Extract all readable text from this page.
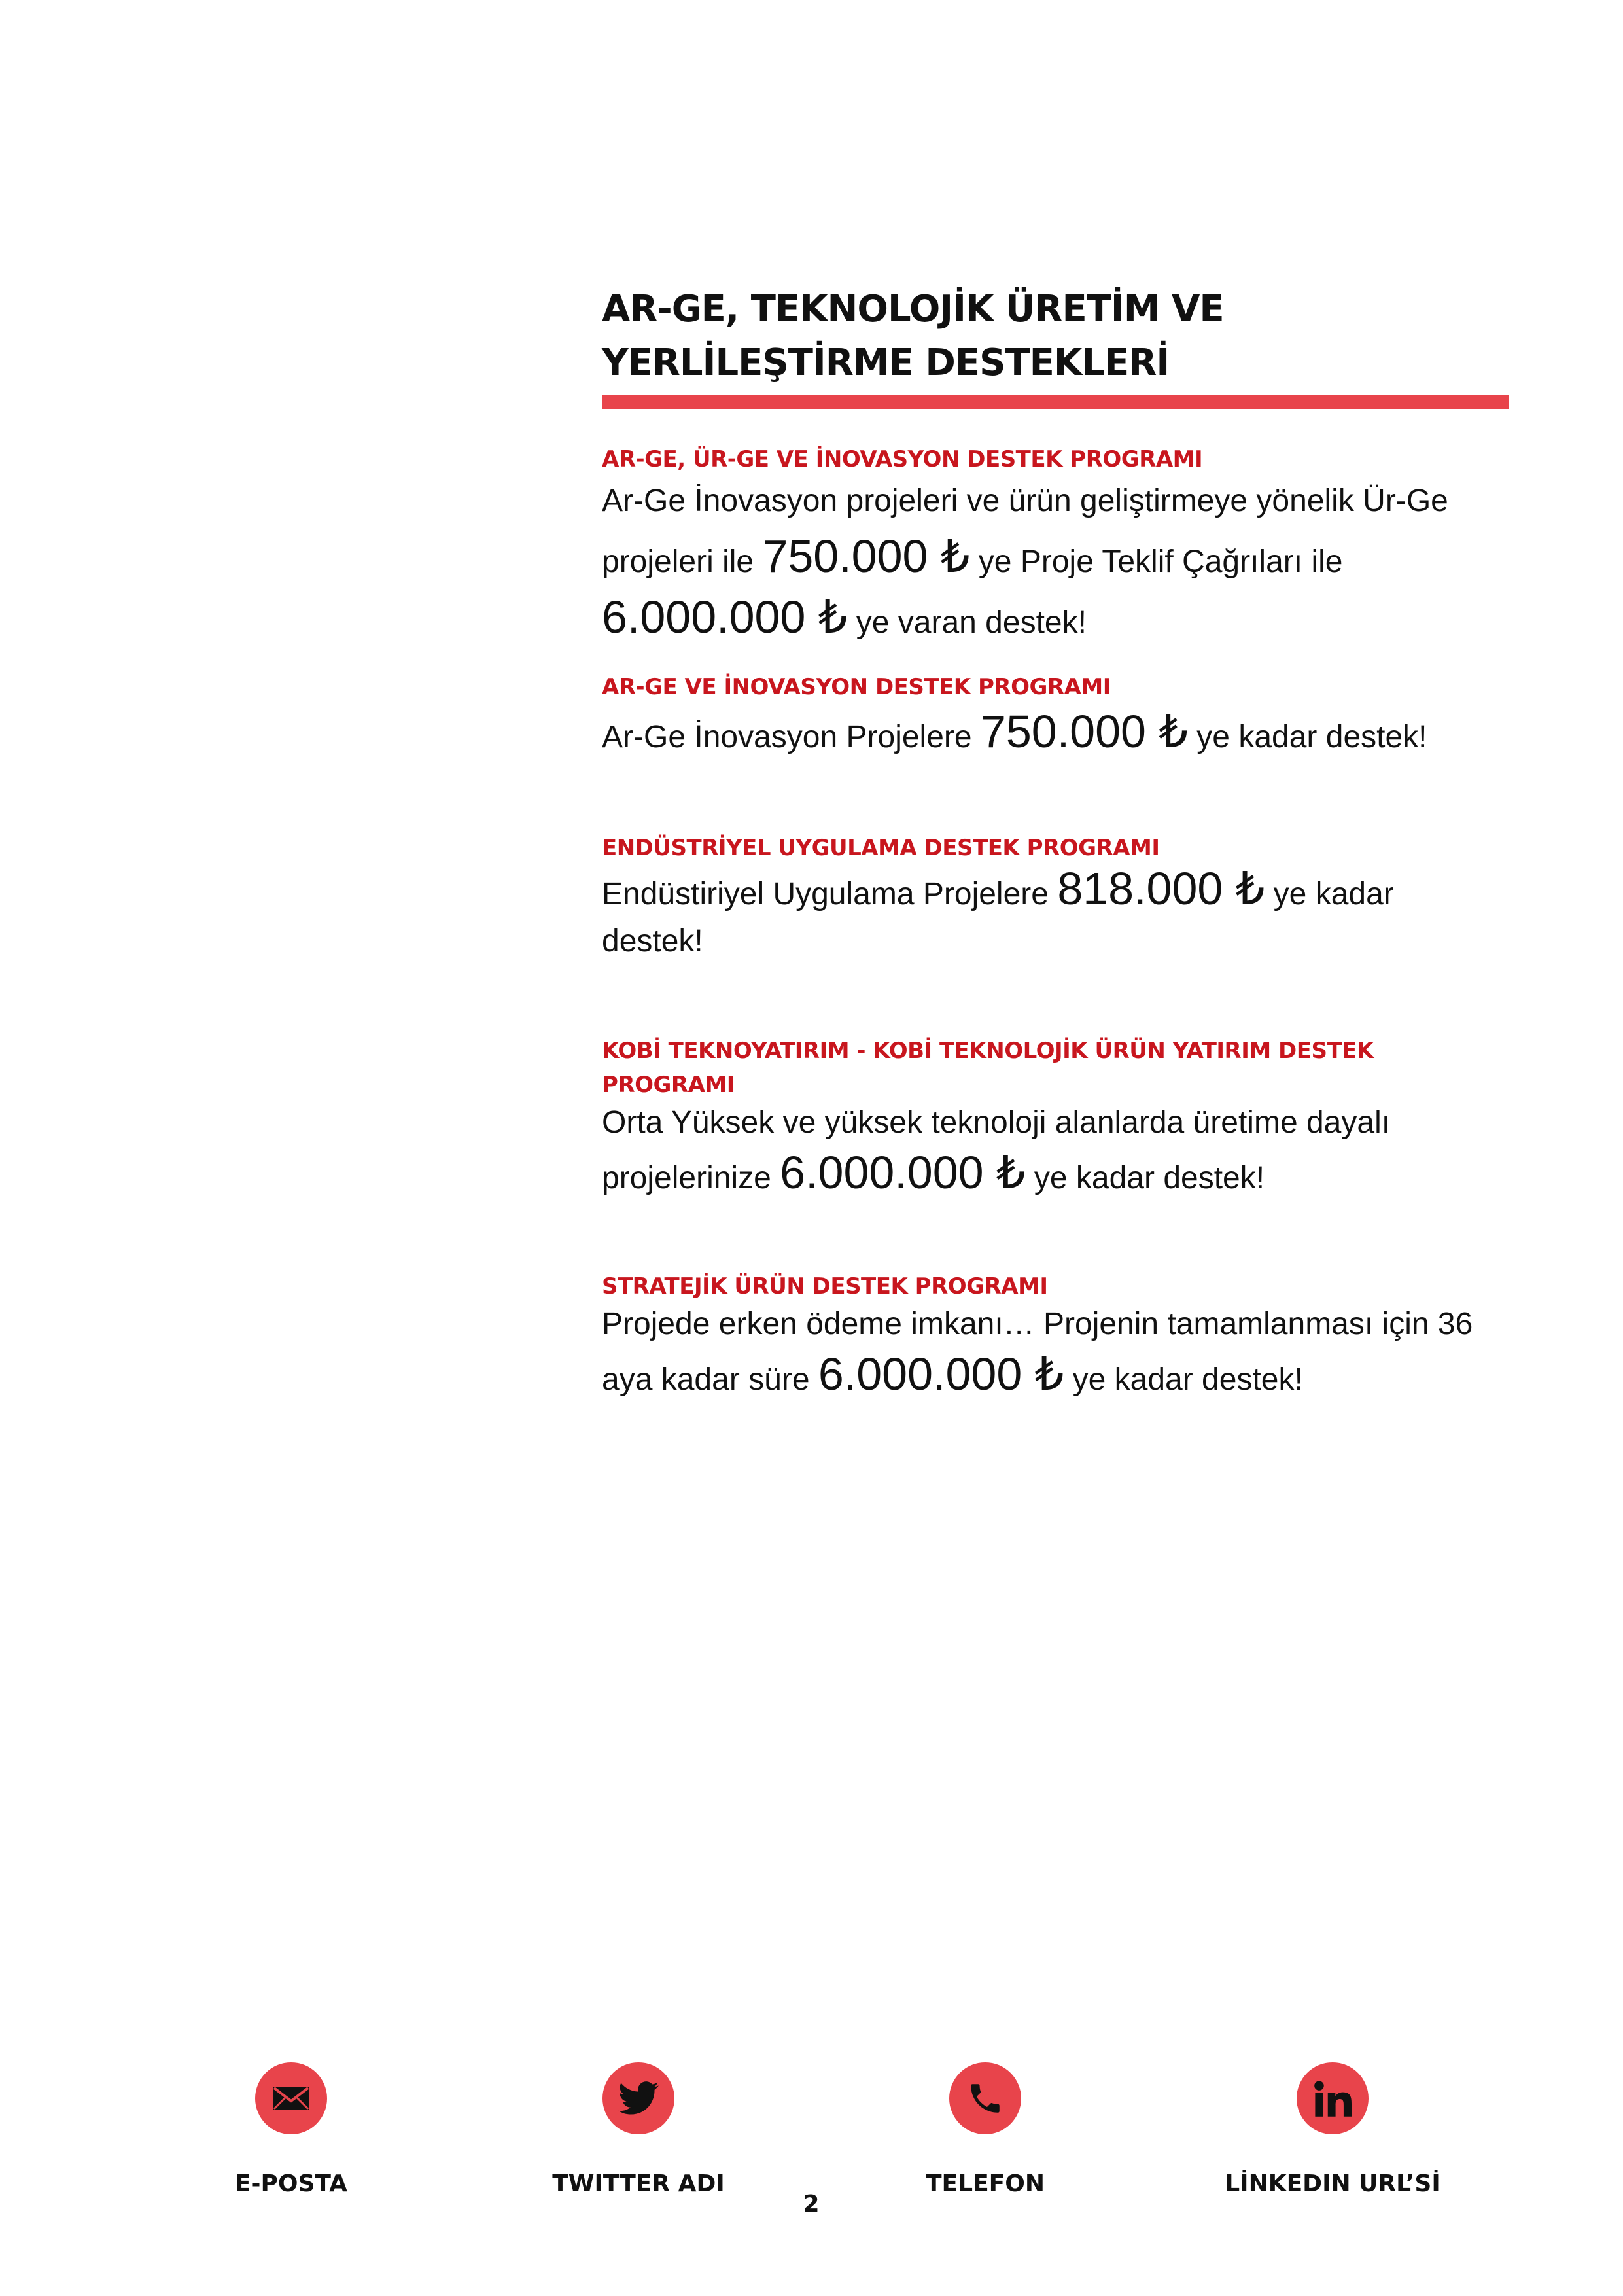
AR-GE, TEKNOLOJİK ÜRETİM VE
YERLİLEŞTİRME DESTEKLERİ
AR-GE, ÜR-GE VE İNOVASYON DESTEK PROGRAMI
Ar-Ge İnovasyon projeleri ve ürün geliştirmeye yönelik Ür-Ge projeleri ile 750.000 ₺ ye Proje Teklif Çağrıları ile 6.000.000 ₺ ye varan destek!
AR-GE VE İNOVASYON DESTEK PROGRAMI
Ar-Ge İnovasyon Projelere 750.000 ₺ ye kadar destek!
ENDÜSTRİYEL UYGULAMA DESTEK PROGRAMI
Endüstiriyel Uygulama Projelere 818.000 ₺ ye kadar destek!
KOBİ TEKNOYATIRIM - KOBİ TEKNOLOJİK ÜRÜN YATIRIM DESTEK PROGRAMI
Orta Yüksek ve yüksek teknoloji alanlarda üretime dayalı projelerinize 6.000.000 ₺ ye kadar destek!
STRATEJİK ÜRÜN DESTEK PROGRAMI
Projede erken ödeme imkanı… Projenin tamamlanması için 36 aya kadar süre 6.000.000 ₺ ye kadar destek!
E-POSTA	TWITTER ADI	TELEFON	LİNKEDIN URL’Sİ
2
